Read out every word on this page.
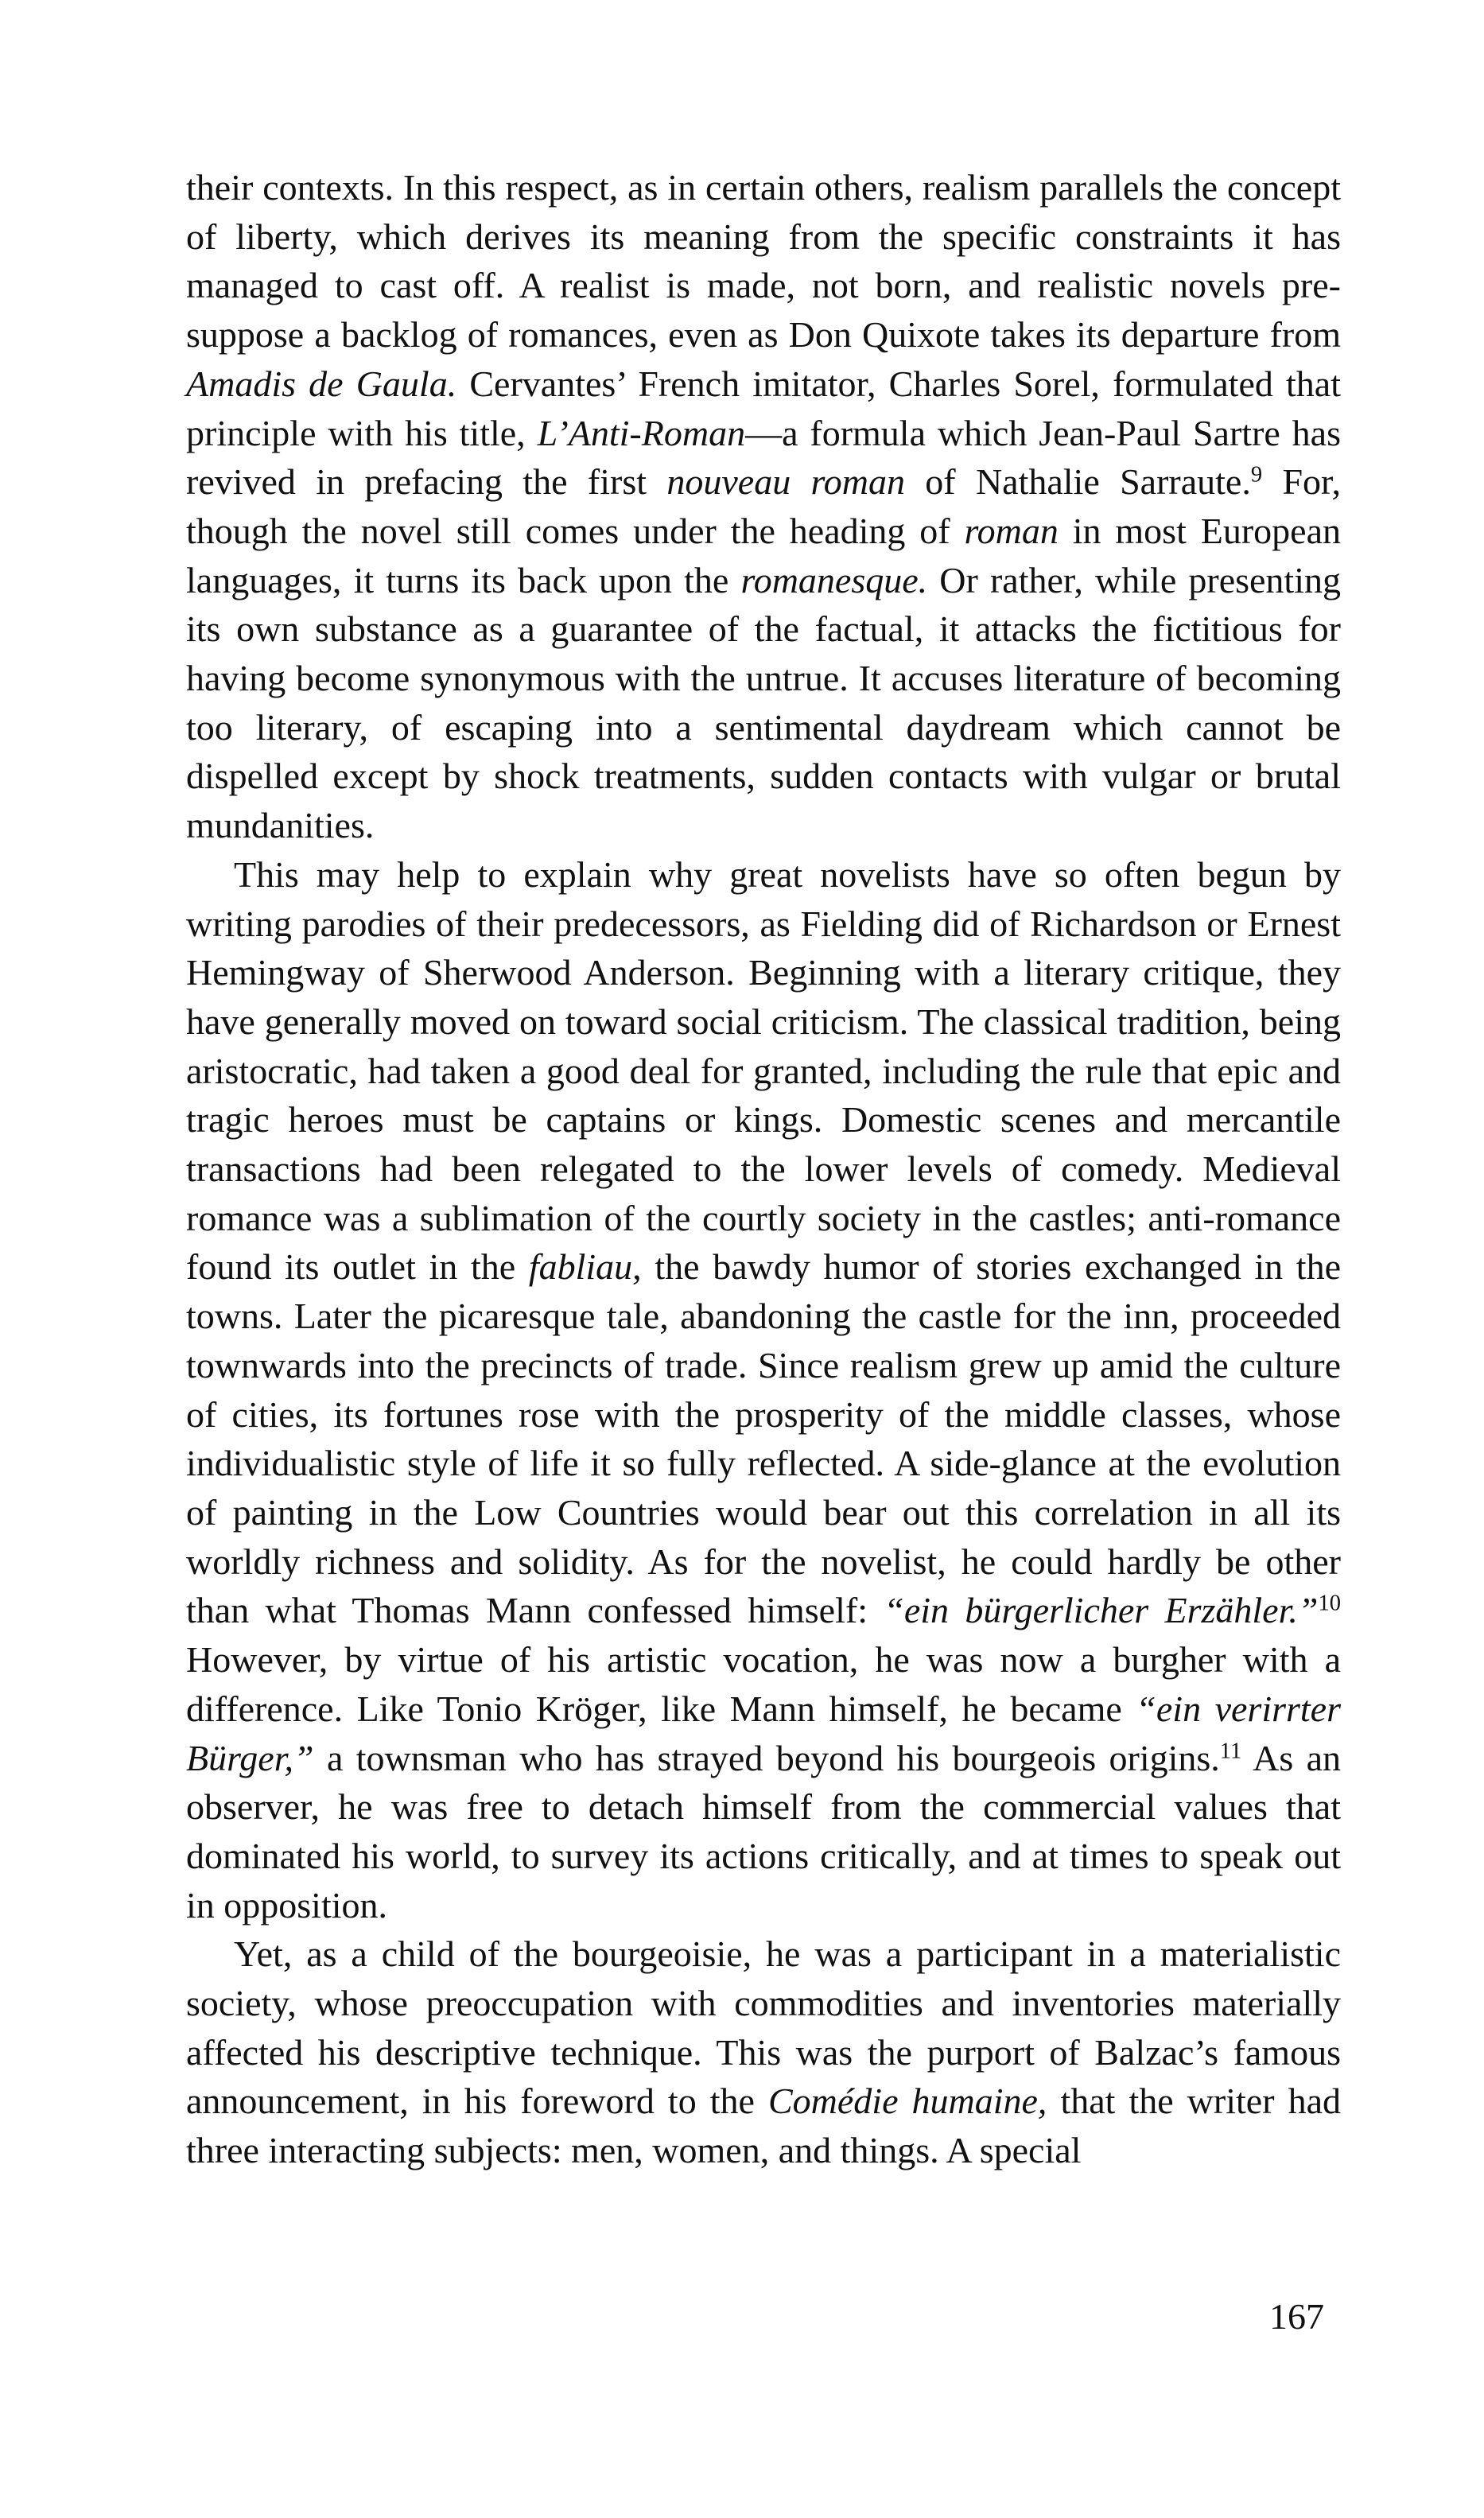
their contexts. In this respect, as in certain others, realism parallels the concept of liberty, which derives its meaning from the specific constraints it has managed to cast off. A realist is made, not born, and realistic novels presuppose a backlog of romances, even as Don Quixote takes its departure from Amadis de Gaula. Cervantes’ French imitator, Charles Sorel, formulated that principle with his title, L’Anti-Roman—a formula which Jean-Paul Sartre has revived in prefacing the first nouveau roman of Nathalie Sarraute.$^9$ For, though the novel still comes under the heading of roman in most European languages, it turns its back upon the romanesque. Or rather, while presenting its own substance as a guarantee of the factual, it attacks the fictitious for having become synonymous with the untrue. It accuses literature of becoming too literary, of escaping into a sentimental daydream which cannot be dispelled except by shock treatments, sudden contacts with vulgar or brutal mundanities.

This may help to explain why great novelists have so often begun by writing parodies of their predecessors, as Fielding did of Richardson or Ernest Hemingway of Sherwood Anderson. Beginning with a literary critique, they have generally moved on toward social criticism. The classical tradition, being aristocratic, had taken a good deal for granted, including the rule that epic and tragic heroes must be captains or kings. Domestic scenes and mercantile transactions had been relegated to the lower levels of comedy. Medieval romance was a sublimation of the courtly society in the castles; anti-romance found its outlet in the fabliau, the bawdy humor of stories exchanged in the towns. Later the picaresque tale, abandoning the castle for the inn, proceeded townwards into the precincts of trade. Since realism grew up amid the culture of cities, its fortunes rose with the prosperity of the middle classes, whose individualistic style of life it so fully reflected. A side-glance at the evolution of painting in the Low Countries would bear out this correlation in all its worldly richness and solidity. As for the novelist, he could hardly be other than what Thomas Mann confessed himself: “ein bürgerlicher Erzähler.”$^{10}$ However, by virtue of his artistic vocation, he was now a burgher with a difference. Like Tonio Kröger, like Mann himself, he became “ein verirrter Bürger,” a townsman who has strayed beyond his bourgeois origins.$^{11}$ As an observer, he was free to detach himself from the commercial values that dominated his world, to survey its actions critically, and at times to speak out in opposition.

Yet, as a child of the bourgeoisie, he was a participant in a materialistic society, whose preoccupation with commodities and inventories materially affected his descriptive technique. This was the purport of Balzac’s famous announcement, in his foreword to the Comédie humaine, that the writer had three interacting subjects: men, women, and things. A special

167
